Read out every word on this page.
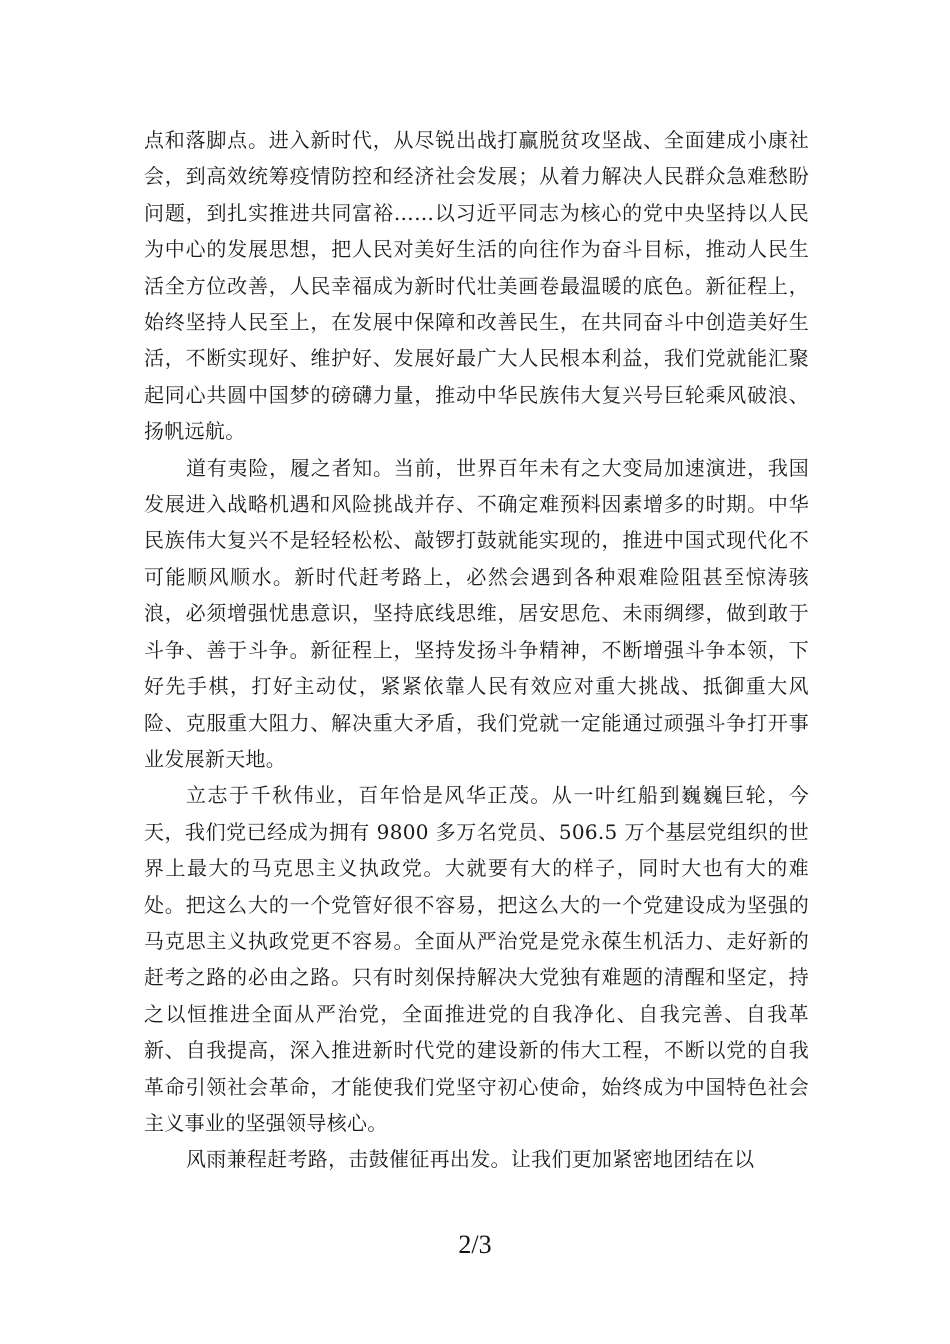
点和落脚点。进入新时代，从尽锐出战打赢脱贫攻坚战、全面建成小康社会，到高效统筹疫情防控和经济社会发展；从着力解决人民群众急难愁盼问题，到扎实推进共同富裕……以习近平同志为核心的党中央坚持以人民为中心的发展思想，把人民对美好生活的向往作为奋斗目标，推动人民生活全方位改善，人民幸福成为新时代壮美画卷最温暖的底色。新征程上，始终坚持人民至上，在发展中保障和改善民生，在共同奋斗中创造美好生活，不断实现好、维护好、发展好最广大人民根本利益，我们党就能汇聚起同心共圆中国梦的磅礴力量，推动中华民族伟大复兴号巨轮乘风破浪、扬帆远航。

道有夷险，履之者知。当前，世界百年未有之大变局加速演进，我国发展进入战略机遇和风险挑战并存、不确定难预料因素增多的时期。中华民族伟大复兴不是轻轻松松、敲锣打鼓就能实现的，推进中国式现代化不可能顺风顺水。新时代赶考路上，必然会遇到各种艰难险阻甚至惊涛骇浪，必须增强忧患意识，坚持底线思维，居安思危、未雨绸缪，做到敢于斗争、善于斗争。新征程上，坚持发扬斗争精神，不断增强斗争本领，下好先手棋，打好主动仗，紧紧依靠人民有效应对重大挑战、抵御重大风险、克服重大阻力、解决重大矛盾，我们党就一定能通过顽强斗争打开事业发展新天地。

立志于千秋伟业，百年恰是风华正茂。从一叶红船到巍巍巨轮，今天，我们党已经成为拥有 9800 多万名党员、506.5 万个基层党组织的世界上最大的马克思主义执政党。大就要有大的样子，同时大也有大的难处。把这么大的一个党管好很不容易，把这么大的一个党建设成为坚强的马克思主义执政党更不容易。全面从严治党是党永葆生机活力、走好新的赶考之路的必由之路。只有时刻保持解决大党独有难题的清醒和坚定，持之以恒推进全面从严治党，全面推进党的自我净化、自我完善、自我革新、自我提高，深入推进新时代党的建设新的伟大工程，不断以党的自我革命引领社会革命，才能使我们党坚守初心使命，始终成为中国特色社会主义事业的坚强领导核心。

风雨兼程赶考路，击鼓催征再出发。让我们更加紧密地团结在以

2/3
